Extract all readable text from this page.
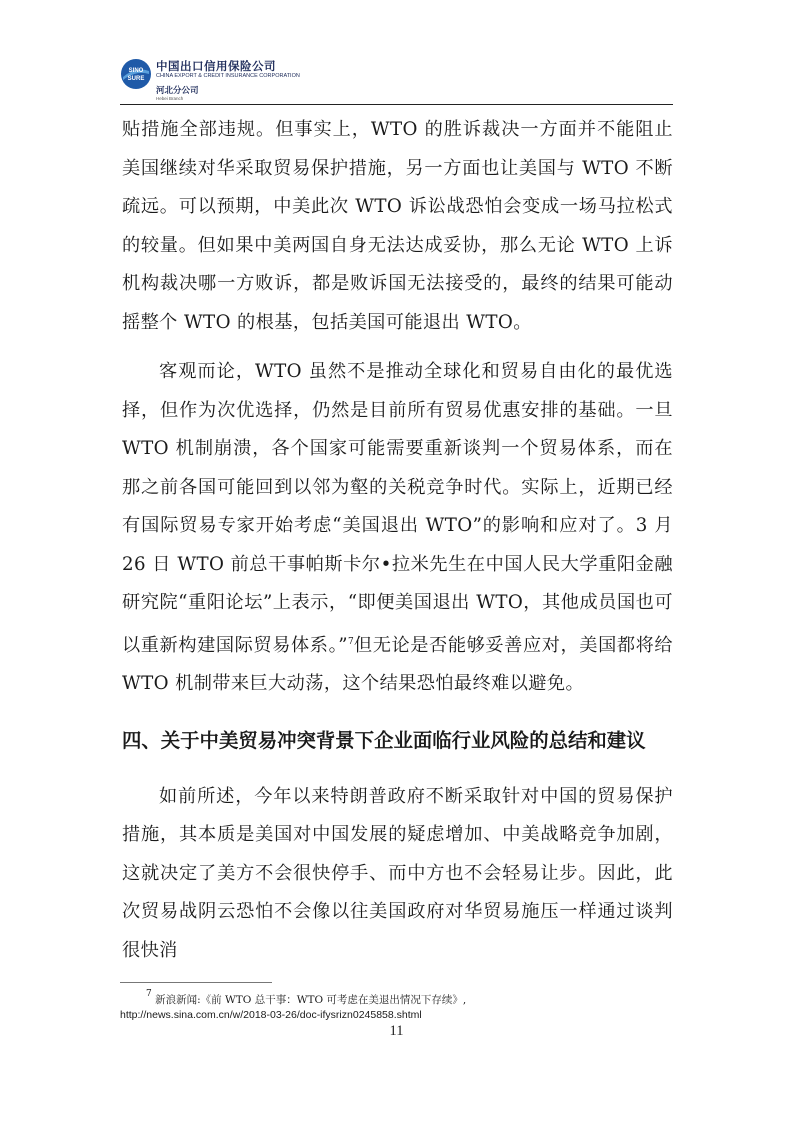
SINO
SURE
中国出口信用保险公司
CHINA EXPORT & CREDIT INSURANCE CORPORATION
河北分公司
Hebei Branch

贴措施全部违规。但事实上，WTO 的胜诉裁决一方面并不能阻止美国继续对华采取贸易保护措施，另一方面也让美国与 WTO 不断疏远。可以预期，中美此次 WTO 诉讼战恐怕会变成一场马拉松式的较量。但如果中美两国自身无法达成妥协，那么无论 WTO 上诉机构裁决哪一方败诉，都是败诉国无法接受的，最终的结果可能动摇整个 WTO 的根基，包括美国可能退出 WTO。

客观而论，WTO 虽然不是推动全球化和贸易自由化的最优选择，但作为次优选择，仍然是目前所有贸易优惠安排的基础。一旦 WTO 机制崩溃，各个国家可能需要重新谈判一个贸易体系，而在那之前各国可能回到以邻为壑的关税竞争时代。实际上，近期已经有国际贸易专家开始考虑“美国退出 WTO”的影响和应对了。3 月 26 日 WTO 前总干事帕斯卡尔•拉米先生在中国人民大学重阳金融研究院“重阳论坛”上表示，“即便美国退出 WTO，其他成员国也可以重新构建国际贸易体系。”$^7$但无论是否能够妥善应对，美国都将给 WTO 机制带来巨大动荡，这个结果恐怕最终难以避免。

四、关于中美贸易冲突背景下企业面临行业风险的总结和建议

如前所述，今年以来特朗普政府不断采取针对中国的贸易保护措施，其本质是美国对中国发展的疑虑增加、中美战略竞争加剧，这就决定了美方不会很快停手、而中方也不会轻易让步。因此，此次贸易战阴云恐怕不会像以往美国政府对华贸易施压一样通过谈判很快消

$^7$ 新浪新闻:《前 WTO 总干事：WTO 可考虑在美退出情况下存续》,
http://news.sina.com.cn/w/2018-03-26/doc-ifysrizn0245858.shtml
11
